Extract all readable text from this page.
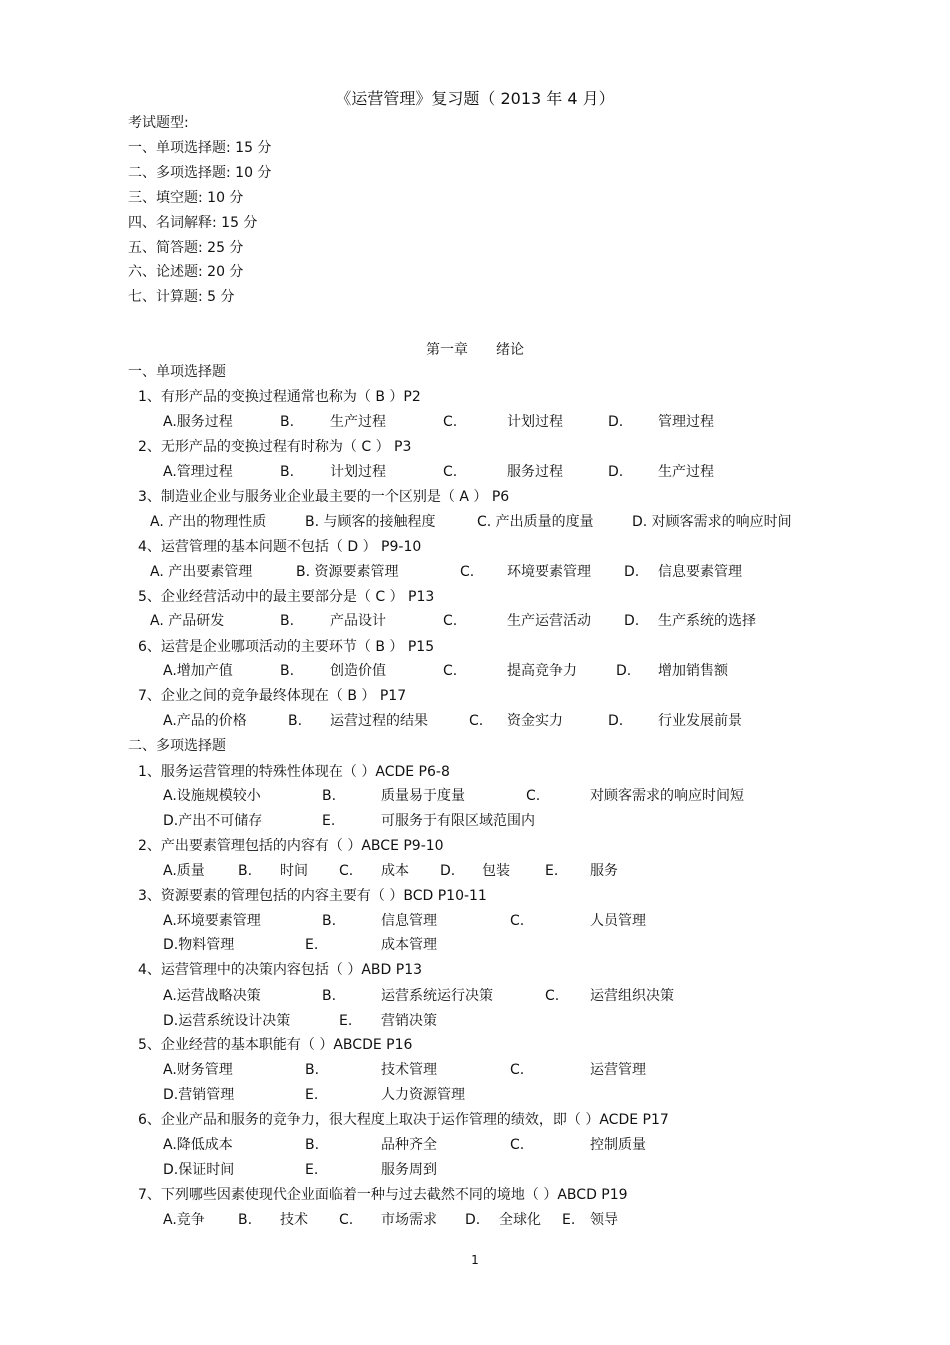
《运营管理》复习题（ 2013 年 4 月）
考试题型:
一、单项选择题: 15 分
二、多项选择题: 10 分
三、填空题: 10 分
四、名词解释: 15 分
五、简答题: 25 分
六、论述题: 20 分
七、计算题: 5 分
第一章 绪论
一、单项选择题
1、有形产品的变换过程通常也称为（ B ）P2
A.服务过程	B.	生产过程	C.	计划过程	D. 管理过程
2、无形产品的变换过程有时称为（ C ） P3
A.管理过程	B.	计划过程	C.	服务过程	D. 生产过程
3、制造业企业与服务业企业最主要的一个区别是（ A ） P6
A. 产出的物理性质	B. 与顾客的接触程度	C. 产出质量的度量	D. 对顾客需求的响应时间
4、运营管理的基本问题不包括（ D ） P9-10
A. 产出要素管理	B. 资源要素管理	C. 环境要素管理 D. 信息要素管理
5、企业经营活动中的最主要部分是（ C ） P13
A. 产品研发	B.	产品设计	C.	生产运营活动 D. 生产系统的选择
6、运营是企业哪项活动的主要环节（ B ） P15
A.增加产值	B.	创造价值	C.	提高竞争力	D. 增加销售额
7、企业之间的竞争最终体现在（ B ） P17
A.产品的价格	B. 运营过程的结果	C. 资金实力	D. 行业发展前景
二、多项选择题
1、服务运营管理的特殊性体现在（ ）ACDE P6-8
A.设施规模较小	B.	质量易于度量	C.	对顾客需求的响应时间短
D.产出不可储存	E.	可服务于有限区域范围内
2、产出要素管理包括的内容有（ ）ABCE P9-10
A.质量 B. 时间 C. 成本 D. 包装	E. 服务
3、资源要素的管理包括的内容主要有（ ）BCD P10-11
A.环境要素管理	B.	信息管理	C.	人员管理
D.物料管理	E.	成本管理
4、运营管理中的决策内容包括（ ）ABD P13
A.运营战略决策	B.	运营系统运行决策	C. 运营组织决策
D.运营系统设计决策	E. 营销决策
5、企业经营的基本职能有（ ）ABCDE P16
A.财务管理	B.	技术管理	C.	运营管理
D.营销管理	E.	人力资源管理
6、企业产品和服务的竞争力，很大程度上取决于运作管理的绩效，即（ ）ACDE P17
A.降低成本	B.	品种齐全	C.	控制质量
D.保证时间	E.	服务周到
7、下列哪些因素使现代企业面临着一种与过去截然不同的境地（ ）ABCD P19
A.竞争 B. 技术 C. 市场需求 D. 全球化 E. 领导
1
